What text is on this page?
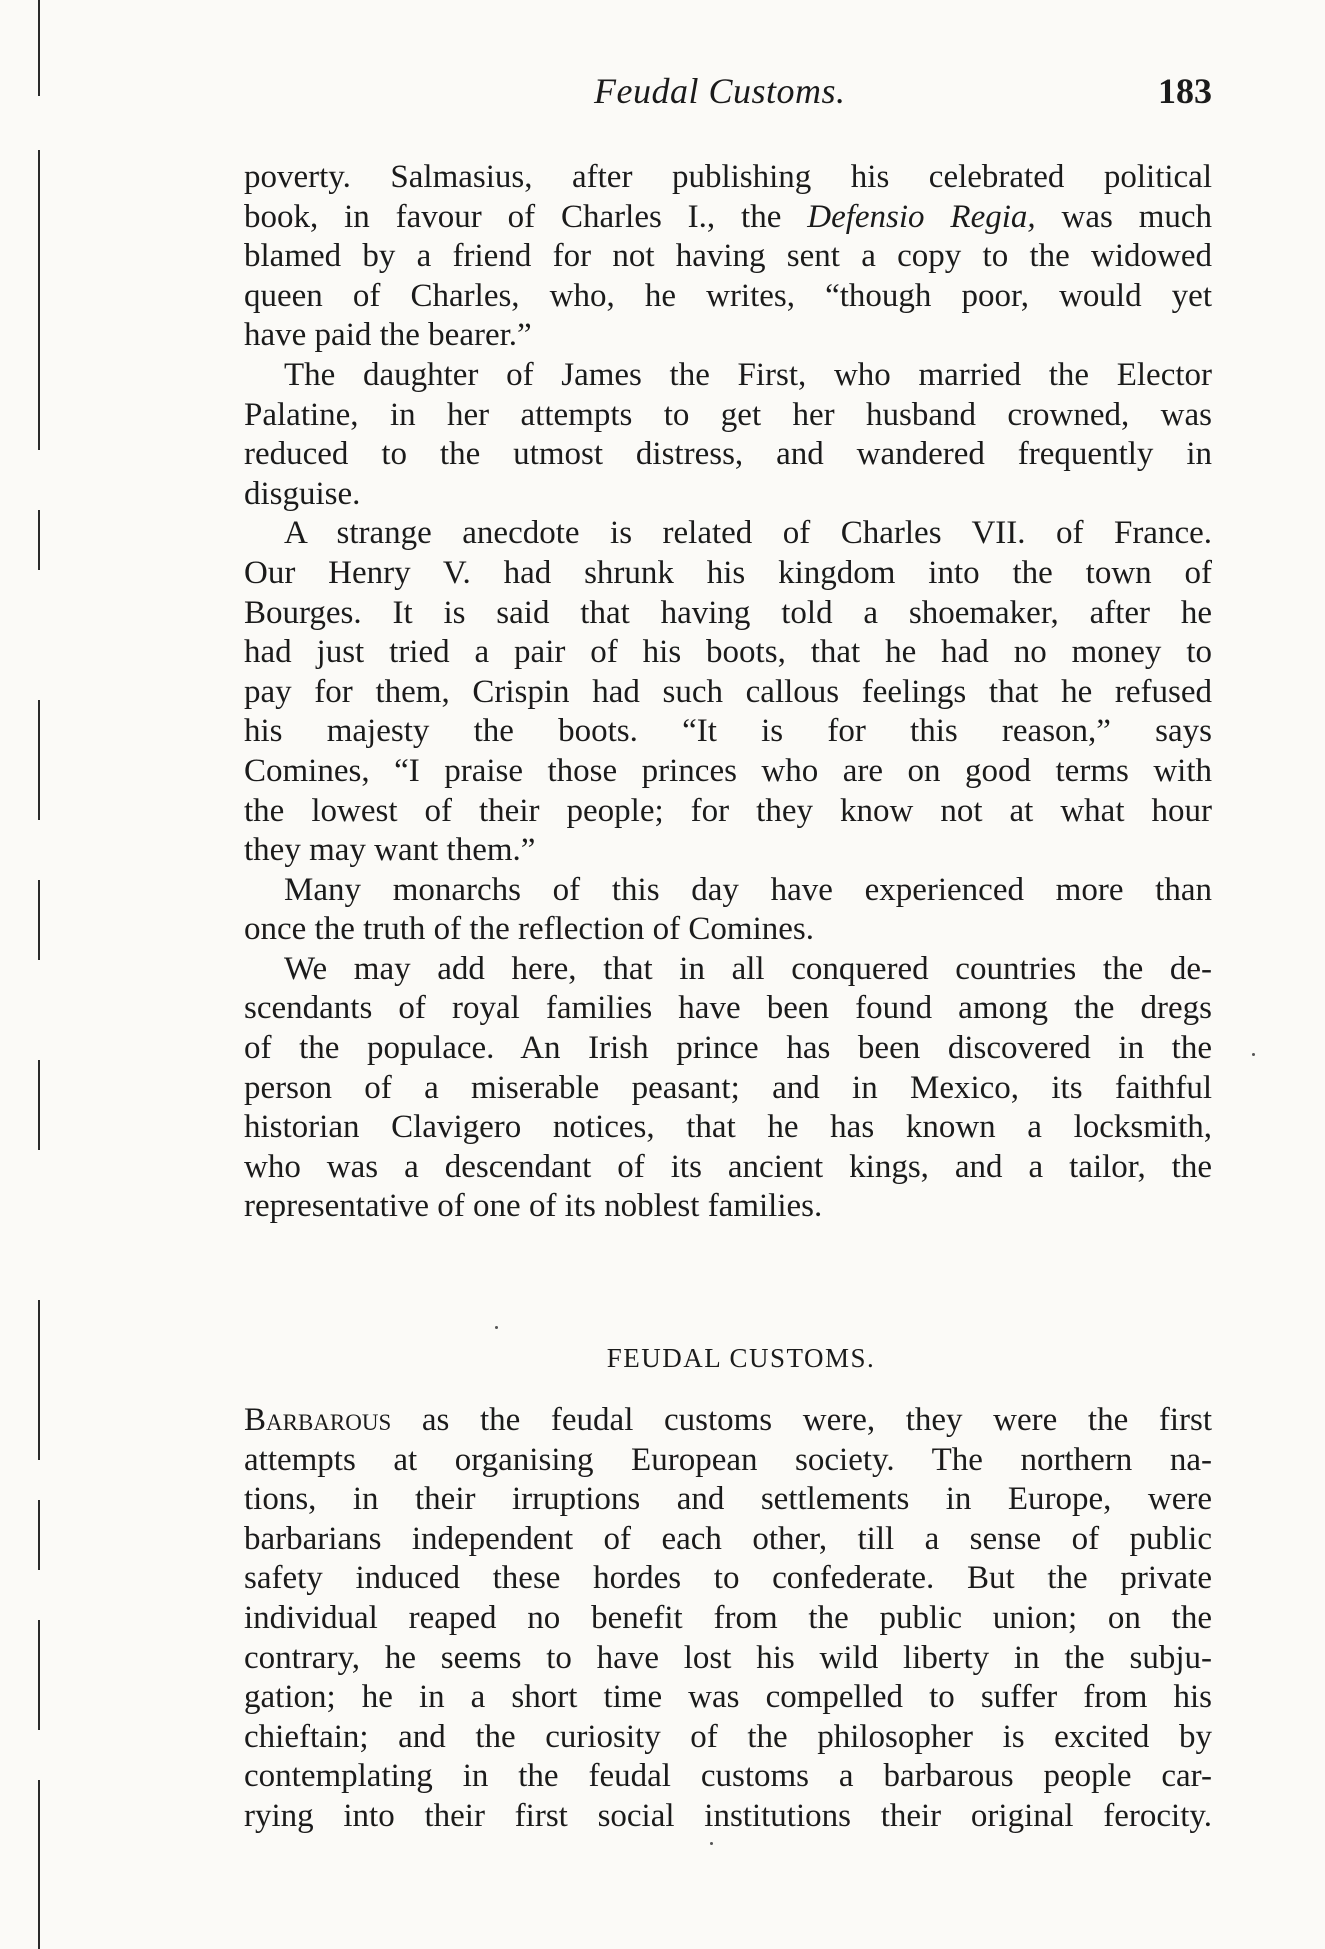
Feudal Customs.	183
poverty. Salmasius, after publishing his celebrated political
book, in favour of Charles I., the Defensio Regia, was much
blamed by a friend for not having sent a copy to the widowed
queen of Charles, who, he writes, “though poor, would yet
have paid the bearer.”
The daughter of James the First, who married the Elector
Palatine, in her attempts to get her husband crowned, was
reduced to the utmost distress, and wandered frequently in
disguise.
A strange anecdote is related of Charles VII. of France.
Our Henry V. had shrunk his kingdom into the town of
Bourges. It is said that having told a shoemaker, after he
had just tried a pair of his boots, that he had no money to
pay for them, Crispin had such callous feelings that he refused
his majesty the boots. “It is for this reason,” says
Comines, “I praise those princes who are on good terms with
the lowest of their people; for they know not at what hour
they may want them.”
Many monarchs of this day have experienced more than
once the truth of the reflection of Comines.
We may add here, that in all conquered countries the de-
scendants of royal families have been found among the dregs
of the populace. An Irish prince has been discovered in the
person of a miserable peasant; and in Mexico, its faithful
historian Clavigero notices, that he has known a locksmith,
who was a descendant of its ancient kings, and a tailor, the
representative of one of its noblest families.
FEUDAL CUSTOMS.
Barbarous as the feudal customs were, they were the first
attempts at organising European society. The northern na-
tions, in their irruptions and settlements in Europe, were
barbarians independent of each other, till a sense of public
safety induced these hordes to confederate. But the private
individual reaped no benefit from the public union; on the
contrary, he seems to have lost his wild liberty in the subju-
gation; he in a short time was compelled to suffer from his
chieftain; and the curiosity of the philosopher is excited by
contemplating in the feudal customs a barbarous people car-
rying into their first social institutions their original ferocity.
